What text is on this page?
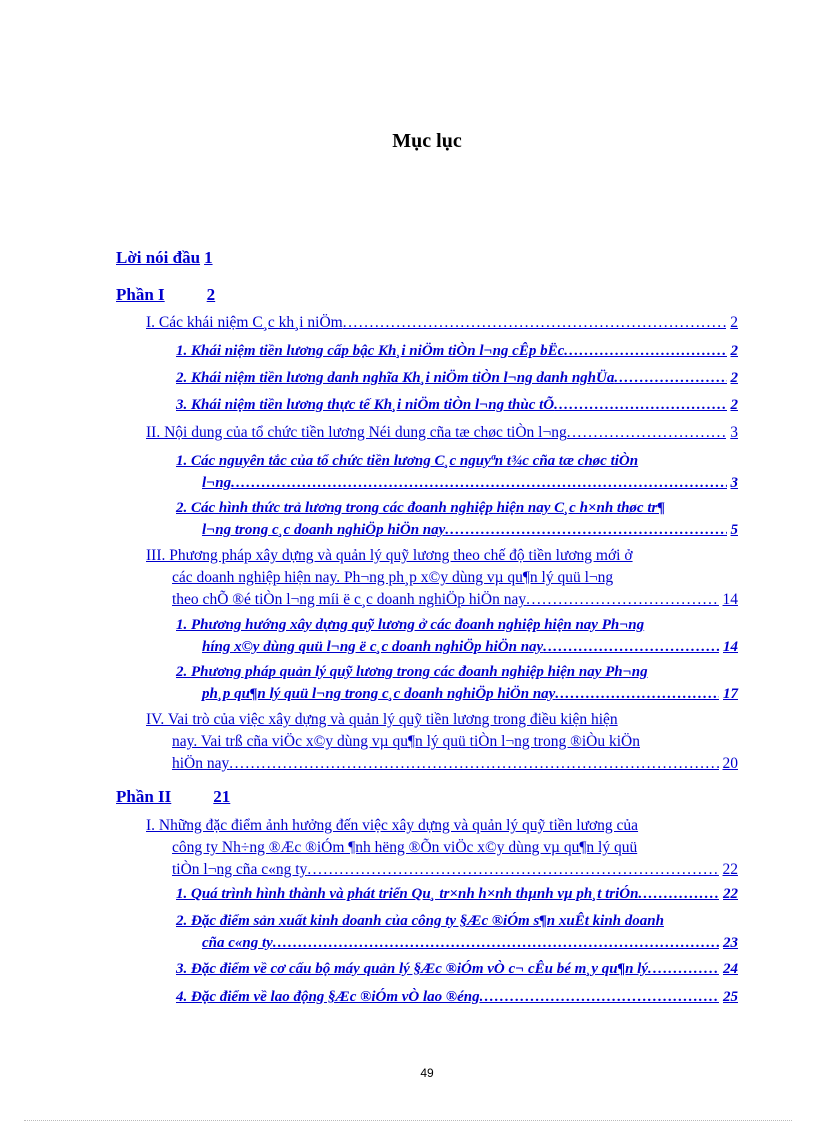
Mục lục
Lời nói đầu 1
Phần I 2
I. Các khái niệm C¸c kh¸i niÖm . . .	2
1. Khái niệm tiền lương cấp bậc Kh¸i niÖm tiÒn l¬ng cÊp bËc . . .	2
2. Khái niệm tiền lương danh nghĩa Kh¸i niÖm tiÒn l¬ng danh nghÜa . . .	2
3. Khái niệm tiền lương thực tế Kh¸i niÖm tiÒn l¬ng thùc tÕ . . .	2
II. Nội dung của tổ chức tiền lương Néi dung cña tæ chøc tiÒn l¬ng . . .	3
1. Các nguyên tắc của tổ chức tiền lương C¸c nguyªn t¾c cña tæ chøc tiÒn
l¬ng . . .	3
2. Các hình thức trả lương trong các đoanh nghiệp hiện nay C¸c h×nh thøc tr¶
l¬ng trong c¸c doanh nghiÖp hiÖn nay . . .	5
III. Phương pháp xây dựng và quản lý quỹ lương theo chế độ tiền lương mới ở
các doanh nghiệp hiện nay. Ph¬ng ph¸p x©y dùng vµ qu¶n lý quü l¬ng
theo chÕ ®é tiÒn l¬ng míi ë c¸c doanh nghiÖp hiÖn nay . . .	14
1. Phương hướng xây dựng quỹ lương ở các đoanh nghiệp hiện nay Ph¬ng
híng x©y dùng quü l¬ng ë c¸c doanh nghiÖp hiÖn nay . . .	14
2. Phương pháp quản lý quỹ lương trong các đoanh nghiệp hiện nay Ph¬ng
ph¸p qu¶n lý quü l¬ng trong c¸c doanh nghiÖp hiÖn nay . . .	17
IV. Vai trò của việc xây dựng và quản lý quỹ tiền lương trong điều kiện hiện
nay. Vai trß cña viÖc x©y dùng vµ qu¶n lý quü tiÒn l¬ng trong ®iÒu kiÖn
hiÖn nay . . .	20
Phần II 21
I. Những đặc điểm ảnh hưởng đến việc xây dựng và quản lý quỹ tiền lương của
công ty Nh÷ng ®Æc ®iÓm ¶nh hëng ®Õn viÖc x©y dùng vµ qu¶n lý quü
tiÒn l¬ng cña c«ng ty . . .	22
1. Quá trình hình thành và phát triển Qu¸ tr×nh h×nh thµnh vµ ph¸t triÓn . . .	22
2. Đặc điểm sản xuất kinh doanh của công ty §Æc ®iÓm s¶n xuÊt kinh doanh
cña c«ng ty . . .	23
3. Đặc điểm về cơ cấu bộ máy quản lý §Æc ®iÓm vÒ c¬ cÊu bé m¸y qu¶n lý . . .	24
4. Đặc điểm về lao động §Æc ®iÓm vÒ lao ®éng . . .	25
49
